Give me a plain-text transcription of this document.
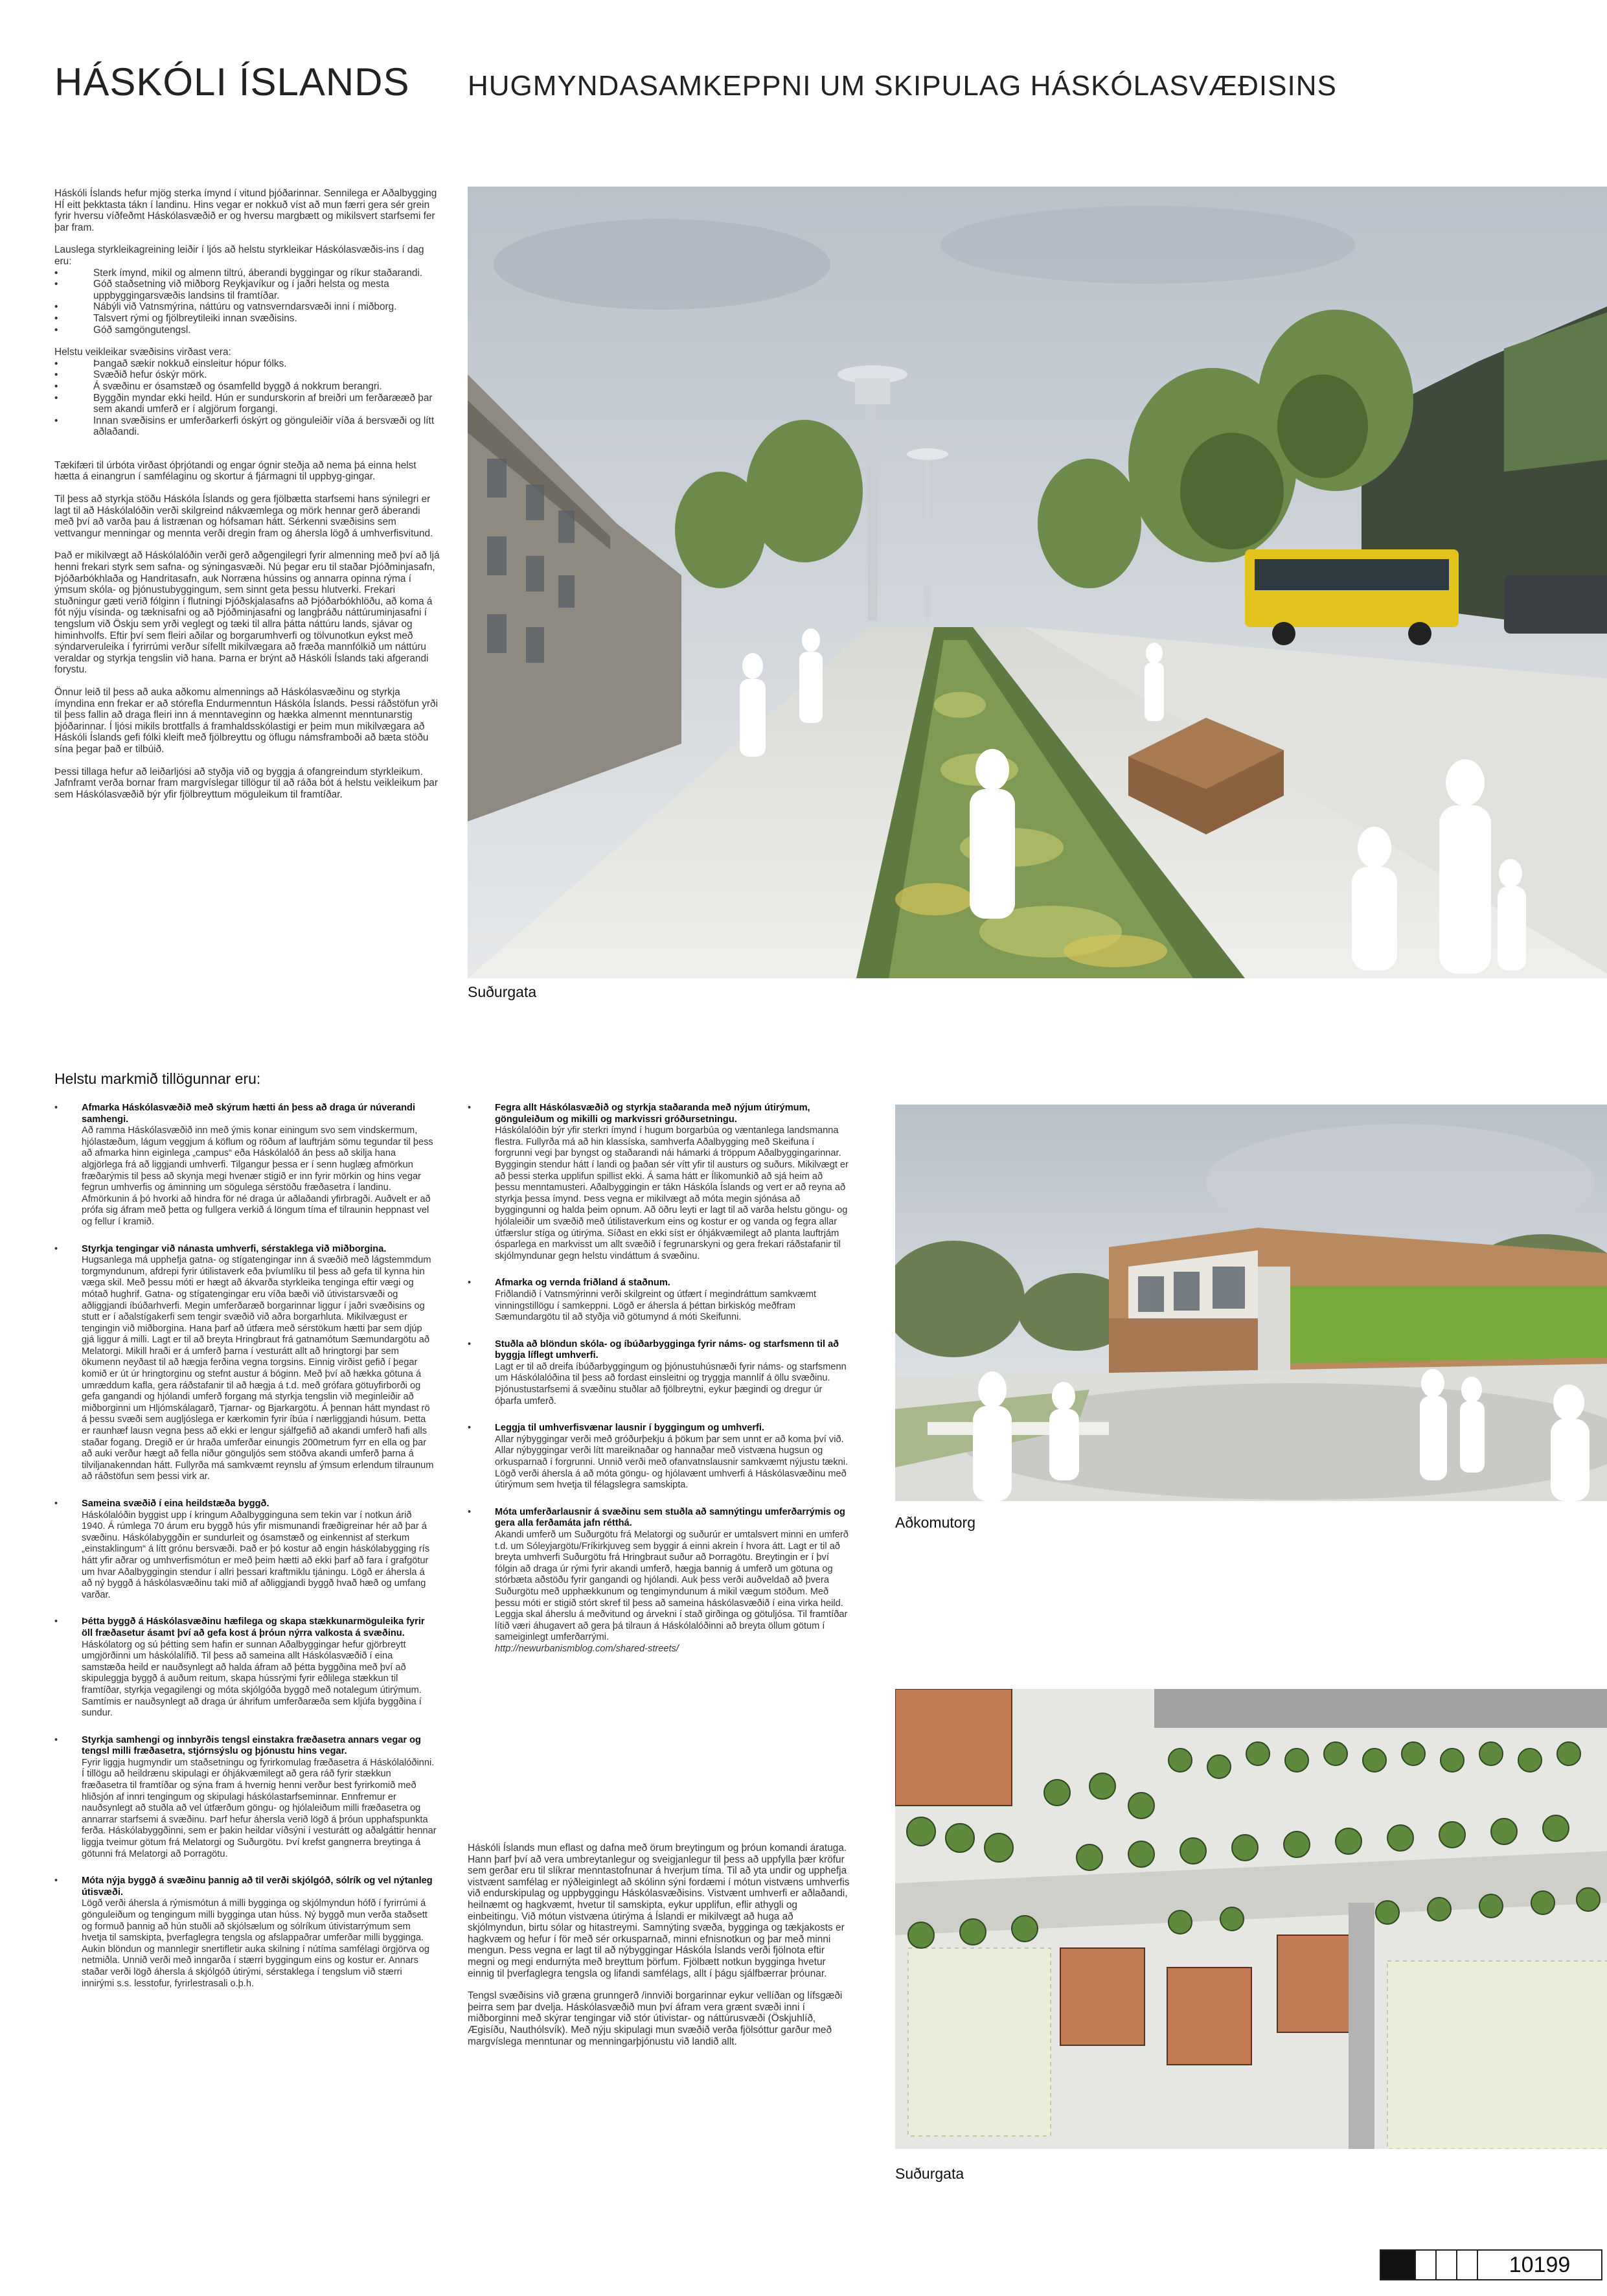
HÁSKÓLI ÍSLANDS HUGMYNDASAMKEPPNI UM SKIPULAG HÁSKÓLASVÆÐISINS

Háskóli Íslands hefur mjög sterka ímynd í vitund þjóðarinnar. Sennilega er Aðalbygging HÍ eitt þekktasta tákn í landinu. Hins vegar er nokkuð víst að mun færri gera sér grein fyrir hversu víðfeðmt Háskólasvæðið er og hversu margbætt og mikilsvert starfsemi fer þar fram.

Lauslega styrkleikagreining leiðir í ljós að helstu styrkleikar Háskólasvæðis-ins í dag eru:

• Sterk ímynd, mikil og almenn tiltrú, áberandi byggingar og ríkur staðarandi.
• Góð staðsetning við miðborg Reykjavíkur og í jaðri helsta og mesta uppbyggingarsvæðis landsins til framtíðar.
• Nábýli við Vatnsmýrina, náttúru og vatnsverndarsvæði inni í miðborg.
• Talsvert rými og fjölbreytileiki innan svæðisins.
• Góð samgöngutengsl.

Helstu veikleikar svæðisins virðast vera:

• Þangað sækir nokkuð einsleitur hópur fólks.
• Svæðið hefur óskýr mörk.
• Á svæðinu er ósamstæð og ósamfelld byggð á nokkrum berangri.
• Byggðin myndar ekki heild. Hún er sundurskorin af breiðri um ferðarææð þar sem akandi umferð er í algjörum forgangi.
• Innan svæðisins er umferðarkerfi óskýrt og gönguleiðir víða á bersvæði og lítt aðlaðandi.

Tækifæri til úrbóta virðast óþrjótandi og engar ógnir steðja að nema þá einna helst hætta á einangrun í samfélaginu og skortur á fjármagni til uppbyg-gingar.

Til þess að styrkja stöðu Háskóla Íslands og gera fjölbætta starfsemi hans sýnilegri er lagt til að Háskólalóðin verði skilgreind nákvæmlega og mörk hennar gerð áberandi með því að varða þau á listrænan og hófsaman hátt. Sérkenni svæðisins sem vettvangur menningar og mennta verði dregin fram og áhersla lögð á umhverfisvitund.

Það er mikilvægt að Háskólalóðin verði gerð aðgengilegri fyrir almenning með því að ljá henni frekari styrk sem safna- og sýningasvæði. Nú þegar eru til staðar Þjóðminjasafn, Þjóðarbókhlaða og Handritasafn, auk Norræna hússins og annarra opinna rýma í ýmsum skóla- og þjónustubyggingum, sem sinnt geta þessu hlutverki. Frekari stuðningur gæti verið fólginn í flutningi Þjóðskjalasafns að Þjóðarbókhlöðu, að koma á fót nýju vísinda- og tæknisafni og að Þjóðminjasafni og langþráðu náttúruminjasafni í tengslum við Öskju sem yrði veglegt og tæki til allra þátta náttúru lands, sjávar og himinhvolfs. Eftir því sem fleiri aðilar og borgarumhverfi og tölvunotkun eykst með sýndarveruleika í fyrirrúmi verður sífellt mikilvægara að fræða mannfólkið um náttúru veraldar og styrkja tengslin við hana. Þarna er brýnt að Háskóli Íslands taki afgerandi forystu.

Önnur leið til þess að auka aðkomu almennings að Háskólasvæðinu og styrkja ímyndina enn frekar er að stórefla Endurmenntun Háskóla Íslands. Þessi ráðstöfun yrði til þess fallin að draga fleiri inn á menntaveginn og hækka almennt menntunarstig þjóðarinnar. Í ljósi mikils brottfalls á framhaldsskólastigi er þeim mun mikilvægara að Háskóli Íslands gefi fólki kleift með fjölbreyttu og öflugu námsframboði að bæta stöðu sína þegar það er tilbúið.

Þessi tillaga hefur að leiðarljósi að styðja við og byggja á ofangreindum styrkleikum. Jafnframt verða bornar fram margvíslegar tillögur til að ráða bót á helstu veikleikum þar sem Háskólasvæðið býr yfir fjölbreyttum möguleikum til framtíðar.

Suðurgata
Helstu markmið tillögunnar eru:
• Afmarka Háskólasvæðið með skýrum hætti án þess að draga úr núverandi samhengi.
Að ramma Háskólasvæðið inn með ýmis konar einingum svo sem vindskermum, hjólastæðum, lágum veggjum á köflum og röðum af lauftrjám sömu tegundar til þess að afmarka hinn eiginlega „campus“ eða Háskólalóð án þess að skilja hana algjörlega frá að liggjandi umhverfi. Tilgangur þessa er í senn huglæg afmörkun fræðarýmis til þess að skynja megi hvenær stigið er inn fyrir mörkin og hins vegar fegrun umhverfis og áminning um sögulega sérstöðu fræðasetra í landinu. Afmörkunin á þó hvorki að hindra för né draga úr aðlaðandi yfirbragði. Auðvelt er að prófa sig áfram með þetta og fullgera verkið á löngum tíma ef tilraunin heppnast vel og fellur í kramið.
• Styrkja tengingar við nánasta umhverfi, sérstaklega við miðborgina.
Hugsanlega má upphefja gatna- og stígatengingar inn á svæðið með lágstemmdum torgmyndunum, afdrepi fyrir útilistaverk eða þvíumlíku til þess að gefa til kynna hin væga skil. Með þessu móti er hægt að ákvarða styrkleika tenginga eftir vægi og mótað hughrif. Gatna- og stígatengingar eru víða bæði við útivistarsvæði og aðliggjandi íbúðarhverfi. Megin umferðaræð borgarinnar liggur í jaðri svæðisins og stutt er í aðalstígakerfi sem tengir svæðið við aðra borgarhluta. Mikilvægust er tengingin við miðborgina. Hana þarf að útfæra með sérstökum hætti þar sem djúp gjá liggur á milli. Lagt er til að breyta Hringbraut frá gatnamótum Sæmundargötu að Melatorgi. Mikill hraði er á umferð þarna í vesturátt allt að hringtorgi þar sem ökumenn neyðast til að hægja ferðina vegna torgsins. Einnig virðist gefið í þegar komið er út úr hringtorginu og stefnt austur á bóginn. Með því að hækka götuna á umræddum kafla, gera ráðstafanir til að hægja á t.d. með grófara götuyfirborði og gefa gangandi og hjólandi umferð forgang má styrkja tengslin við meginleiðir að miðborginni um Hljómskálagarð, Tjarnar- og Bjarkargötu. Á þennan hátt myndast rö á þessu svæði sem augljóslega er kærkomin fyrir íbúa í nærliggjandi húsum. Þetta er raunhæf lausn vegna þess að ekki er lengur sjálfgefið að akandi umferð hafi alls staðar fogang. Dregið er úr hraða umferðar einungis 200metrum fyrr en ella og þar að auki verður hægt að fella niður gönguljós sem stöðva akandi umferð þarna á tilviljanakenndan hátt. Fullyrða má samkvæmt reynslu af ýmsum erlendum tilraunum að ráðstöfun sem þessi virk ar.
• Sameina svæðið í eina heildstæða byggð.
Háskólalóðin byggist upp í kringum Aðalbygginguna sem tekin var í notkun árið 1940. Á rúmlega 70 árum eru byggð hús yfir mismunandi fræðigreinar hér að þar á svæðinu. Háskólabyggðin er sundurleit og ósamstæð og einkennist af sterkum „einstaklingum“ á lítt grónu bersvæði. Það er þó kostur að engin háskólabygging rís hátt yfir aðrar og umhverfismótun er með þeim hætti að ekki þarf að fara í grafgötur um hvar Aðalbyggingin stendur í allri þessari kraftmiklu tjáningu. Lögð er áhersla á að ný byggð á háskólasvæðinu taki mið af aðliggjandi byggð hvað hæð og umfang varðar.
• Þétta byggð á Háskólasvæðinu hæfilega og skapa stækkunarmöguleika fyrir öll fræðasetur ásamt því að gefa kost á þróun nýrra valkosta á svæðinu.
Háskólatorg og sú þétting sem hafin er sunnan Aðalbyggingar hefur gjörbreytt umgjörðinni um háskólalífið. Til þess að sameina allt Háskólasvæðið í eina samstæða heild er nauðsynlegt að halda áfram að þétta byggðina með því að skipuleggja byggð á auðum reitum, skapa hússrými fyrir eðlilega stækkun til framtíðar, styrkja vegagilengi og móta skjólgóða byggð með notalegum útirýmum. Samtímis er nauðsynlegt að draga úr áhrifum umferðaræða sem kljúfa byggðina í sundur.
• Styrkja samhengi og innbyrðis tengsl einstakra fræðasetra annars vegar og tengsl milli fræðasetra, stjórnsýslu og þjónustu hins vegar.
Fyrir liggja hugmyndir um staðsetningu og fyrirkomulag fræðasetra á Háskólalóðinni. Í tillögu að heildrænu skipulagi er óhjákvæmilegt að gera ráð fyrir stækkun fræðasetra til framtíðar og sýna fram á hvernig henni verður best fyrirkomið með hliðsjón af innri tengingum og skipulagi háskólastarfseminnar. Ennfremur er nauðsynlegt að stuðla að vel útfærðum göngu- og hjólaleiðum milli fræðasetra og annarrar starfsemi á svæðinu. Þarf hefur áhersla verið lögð á þróun upphafspunkta ferða. Háskólabyggðinni, sem er þakin heildar víðsýni í vesturátt og aðalgáttir hennar liggja tveimur götum frá Melatorgi og Suðurgötu. Því krefst gangnerra breytinga á götunni frá Melatorgi að Þorragötu.
• Móta nýja byggð á svæðinu þannig að til verði skjólgóð, sólrík og vel nýtanleg útisvæði.
Lögð verði áhersla á rýmismótun á milli bygginga og skjólmyndun hófð í fyrirrúmi á gönguleiðum og tengingum milli bygginga utan húss. Ný byggð mun verða staðsett og formuð þannig að hún stuðli að skjólsælum og sólríkum útivistarrýmum sem hvetja til samskipta, þverfaglegra tengsla og afslappaðrar umferðar milli bygginga. Aukin blöndun og mannlegir snertifletir auka skilning í nútíma samfélagi örgjörva og netmiðla. Unnið verði með inngarða í stærri byggingum eins og kostur er. Annars staðar verði lögð áhersla á skjólgóð útirými, sérstaklega í tengslum við stærri innirými s.s. lesstofur, fyrirlestrasali o.þ.h.
• Fegra allt Háskólasvæðið og styrkja staðaranda með nýjum útirýmum, gönguleiðum og mikilli og markvissri gróðursetningu.
Háskólalóðin býr yfir sterkri ímynd í hugum borgarbúa og væntanlega landsmanna flestra. Fullyrða má að hin klassíska, samhverfa Aðalbygging með Skeifuna í forgrunni vegi þar byngst og staðarandi nái hámarki á tröppum Aðalbyggingarinnar. Byggingin stendur hátt í landi og þaðan sér vítt yfir til austurs og suðurs. Mikilvægt er að þessi sterka upplifun spillist ekki. Á sama hátt er Ílikomunkið að sjá heim að þessu menntamusteri. Aðalbyggingin er tákn Háskóla Íslands og vert er að reyna að styrkja þessa ímynd. Þess vegna er mikilvægt að móta megin sjónása að byggingunni og halda þeim opnum. Að öðru leyti er lagt til að varða helstu göngu- og hjólaleiðir um svæðið með útilistaverkum eins og kostur er og vanda og fegra allar útfærslur stíga og útirýma. Síðast en ekki síst er óhjákvæmilegt að planta lauftrjám ósparlega en markvisst um allt svæðið í fegrunarskyni og gera frekari ráðstafanir til skjólmyndunar gegn helstu vindáttum á svæðinu.
• Afmarka og vernda friðland á staðnum.
Friðlandið í Vatnsmýrinni verði skilgreint og útfært í megindráttum samkvæmt vinningstillögu í samkeppni. Lögð er áhersla á þéttan birkiskóg meðfram Sæmundargötu til að styðja við götumynd á móti Skeifunni.
• Stuðla að blöndun skóla- og íbúðarbygginga fyrir náms- og starfsmenn til að byggja líflegt umhverfi.
Lagt er til að dreifa íbúðarbyggingum og þjónustuhúsnæði fyrir náms- og starfsmenn um Háskólalóðina til þess að fordast einsleitni og tryggja mannlíf á öllu svæðinu. Þjónustustarfsemi á svæðinu stuðlar að fjölbreytni, eykur þægindi og dregur úr óþarfa umferð.
• Leggja til umhverfisvænar lausnir í byggingum og umhverfi.
Allar nýbyggingar verði með gróðurþekju á þökum þar sem unnt er að koma því við. Allar nýbyggingar verði lítt mareiknaðar og hannaðar með vistvæna hugsun og orkusparnað í forgrunni. Unnið verði með ofanvatnslausnir samkvæmt nýjustu tækni. Lögð verði áhersla á að móta göngu- og hjólavænt umhverfi á Háskólasvæðinu með útirýmum sem hvetja til félagslegra samskipta.
• Móta umferðarlausnir á svæðinu sem stuðla að samnýtingu umferðarrýmis og gera alla ferðamáta jafn rétthá.
Akandi umferð um Suðurgötu frá Melatorgi og suðurúr er umtalsvert minni en umferð t.d. um Sóleyjargötu/Fríkirkjuveg sem byggir á einni akrein í hvora átt. Lagt er til að breyta umhverfi Suðurgötu frá Hringbraut suður að Þorragötu. Breytingin er í því fólgin að draga úr rými fyrir akandi umferð, hægja bannig á umferð um götuna og stórbæta aðstöðu fyrir gangandi og hjólandi. Auk þess verði auðveldað að þvera Suðurgötu með upphækkunum og tengimyndunum á mikil vægum stöðum. Með þessu móti er stigið stórt skref til þess að sameina háskólasvæðið í eina virka heild. Leggja skal áherslu á meðvitund og árvekni í stað girðinga og götuljósa. Til framtíðar lítið væri áhugavert að gera þá tilraun á Háskólalóðinni að breyta öllum götum í sameiginlegt umferðarrými.
http://newurbanismblog.com/shared-streets/

Háskóli Íslands mun eflast og dafna með örum breytingum og þróun komandi áratuga. Hann þarf því að vera umbreytanlegur og sveigjanlegur til þess að uppfylla þær kröfur sem gerðar eru til slíkrar menntastofnunar á hverjum tíma. Til að yta undir og upphefja vistvænt samfélag er nýðleiginlegt að skólinn sýni fordæmi í mótun vistvæns umhverfis við endurskipulag og uppbyggingu Háskólasvæðisins. Vistvænt umhverfi er aðlaðandi, heilnæmt og hagkvæmt, hvetur til samskipta, eykur upplifun, eflir athygli og einbeitingu. Við mótun vistvæna útirýma á Íslandi er mikilvægt að huga að skjólmyndun, birtu sólar og hitastreymi. Samnýting svæða, bygginga og tækjakosts er hagkvæm og hefur í för með sér orkusparnað, minni efnisnotkun og þar með minni mengun. Þess vegna er lagt til að nýbyggingar Háskóla Íslands verði fjölnota eftir megni og megi endurnýta með breyttum þörfum. Fjölbætt notkun bygginga hvetur einnig til þverfaglegra tengsla og lifandi samfélags, allt í þágu sjálfbærrar þróunar.

Tengsl svæðisins við græna grunngerð /innviði borgarinnar eykur vellíðan og lífsgæði þeirra sem þar dvelja. Háskólasvæðið mun því áfram vera grænt svæði inni í miðborginni með skýrar tengingar við stór útivistar- og náttúrusvæði (Öskjuhlíð, Ægisíðu, Nauthólsvík). Með nýju skipulagi mun svæðið verða fjölsóttur garður með margvíslega menntunar og menningarþjónustu við landið allt.

Aðkomutorg
Suðurgata
10199
